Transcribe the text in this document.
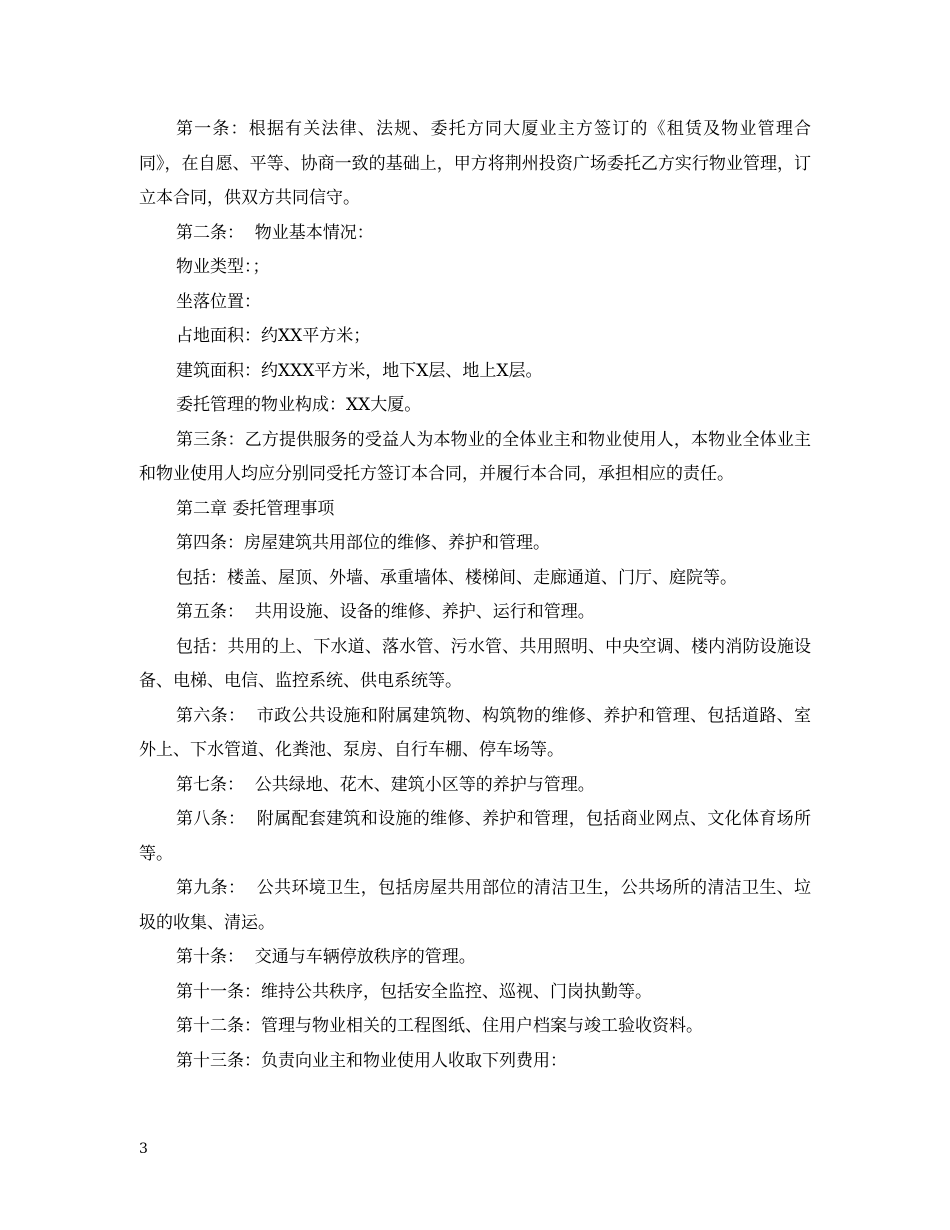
第一条：根据有关法律、法规、委托方同大厦业主方签订的《租赁及物业管理合同》，在自愿、平等、协商一致的基础上，甲方将荆州投资广场委托乙方实行物业管理，订立本合同，供双方共同信守。

第二条：  物业基本情况：

物业类型：；

坐落位置：

占地面积：约XX平方米；

建筑面积：约XXX平方米，地下X层、地上X层。

委托管理的物业构成：XX大厦。

第三条：乙方提供服务的受益人为本物业的全体业主和物业使用人，本物业全体业主和物业使用人均应分别同受托方签订本合同，并履行本合同，承担相应的责任。

第二章 委托管理事项

第四条：房屋建筑共用部位的维修、养护和管理。

包括：楼盖、屋顶、外墙、承重墙体、楼梯间、走廊通道、门厅、庭院等。

第五条：  共用设施、设备的维修、养护、运行和管理。

包括：共用的上、下水道、落水管、污水管、共用照明、中央空调、楼内消防设施设备、电梯、电信、监控系统、供电系统等。

第六条：  市政公共设施和附属建筑物、构筑物的维修、养护和管理、包括道路、室外上、下水管道、化粪池、泵房、自行车棚、停车场等。

第七条：  公共绿地、花木、建筑小区等的养护与管理。

第八条：  附属配套建筑和设施的维修、养护和管理，包括商业网点、文化体育场所等。

第九条：  公共环境卫生，包括房屋共用部位的清洁卫生，公共场所的清洁卫生、垃圾的收集、清运。

第十条：  交通与车辆停放秩序的管理。

第十一条：维持公共秩序，包括安全监控、巡视、门岗执勤等。

第十二条：管理与物业相关的工程图纸、住用户档案与竣工验收资料。

第十三条：负责向业主和物业使用人收取下列费用：

3
